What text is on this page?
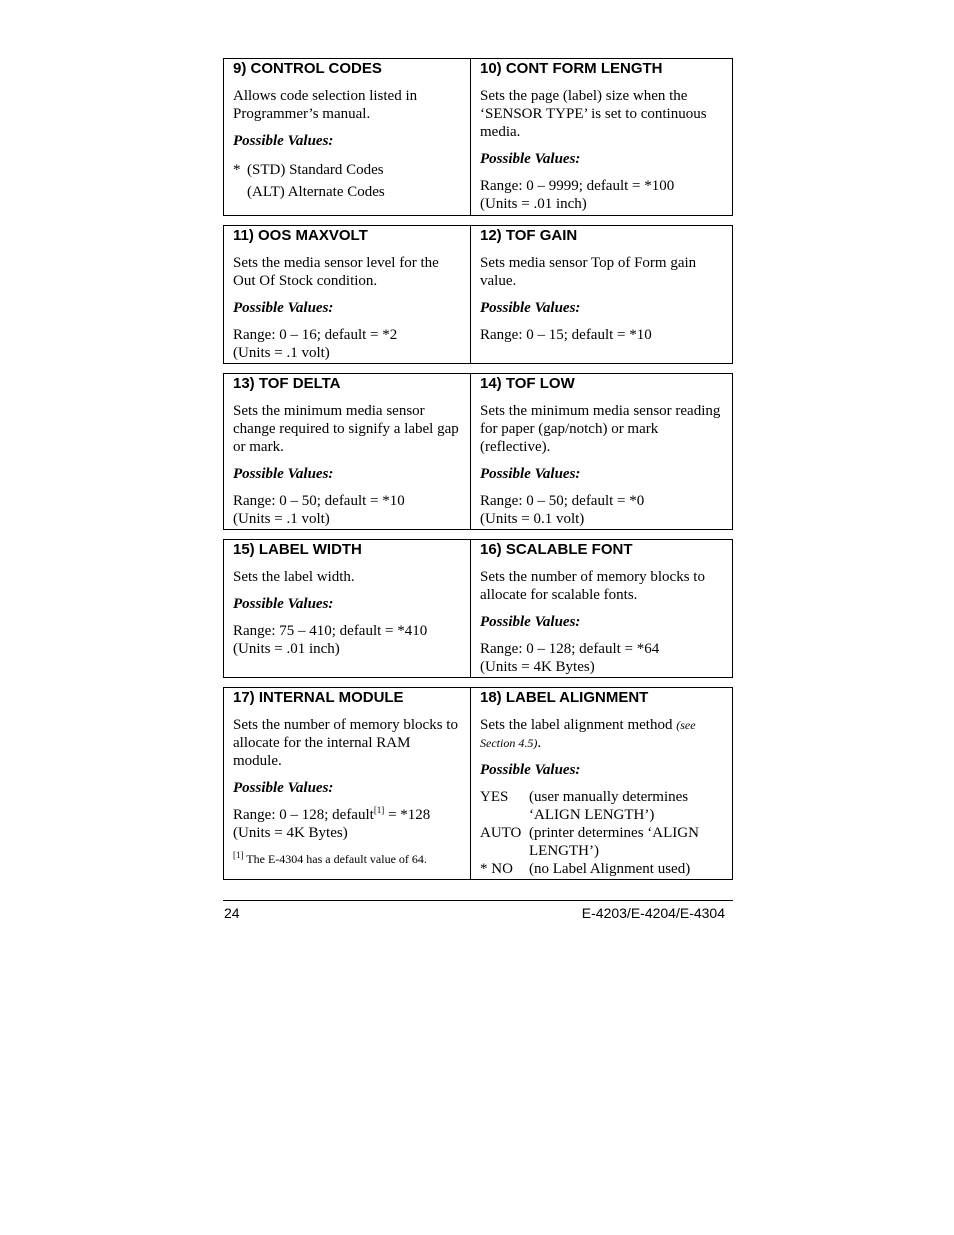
9) CONTROL CODES
Allows code selection listed in Programmer’s manual.
Possible Values:
* (STD) Standard Codes
(ALT) Alternate Codes
10) CONT FORM LENGTH
Sets the page (label) size when the ‘SENSOR TYPE’ is set to continuous media.
Possible Values:
Range: 0 – 9999; default = *100
(Units = .01 inch)
11) OOS MAXVOLT
Sets the media sensor level for the Out Of Stock condition.
Possible Values:
Range: 0 – 16; default = *2
(Units = .1 volt)
12) TOF GAIN
Sets media sensor Top of Form gain value.
Possible Values:
Range: 0 – 15; default = *10
13) TOF DELTA
Sets the minimum media sensor change required to signify a label gap or mark.
Possible Values:
Range: 0 – 50; default = *10
(Units = .1 volt)
14) TOF LOW
Sets the minimum media sensor reading for paper (gap/notch) or mark (reflective).
Possible Values:
Range: 0 – 50; default = *0
(Units = 0.1 volt)
15) LABEL WIDTH
Sets the label width.
Possible Values:
Range: 75 – 410; default = *410
(Units = .01 inch)
16) SCALABLE FONT
Sets the number of memory blocks to allocate for scalable fonts.
Possible Values:
Range: 0 – 128; default = *64
(Units = 4K Bytes)
17) INTERNAL MODULE
Sets the number of memory blocks to allocate for the internal RAM module.
Possible Values:
Range: 0 – 128; default[1] = *128
(Units = 4K Bytes)
[1] The E-4304 has a default value of 64.
18) LABEL ALIGNMENT
Sets the label alignment method (see Section 4.5).
Possible Values:
YES	(user manually determines ‘ALIGN LENGTH’)
AUTO (printer determines ‘ALIGN LENGTH’)
* NO	(no Label Alignment used)
24	E-4203/E-4204/E-4304
